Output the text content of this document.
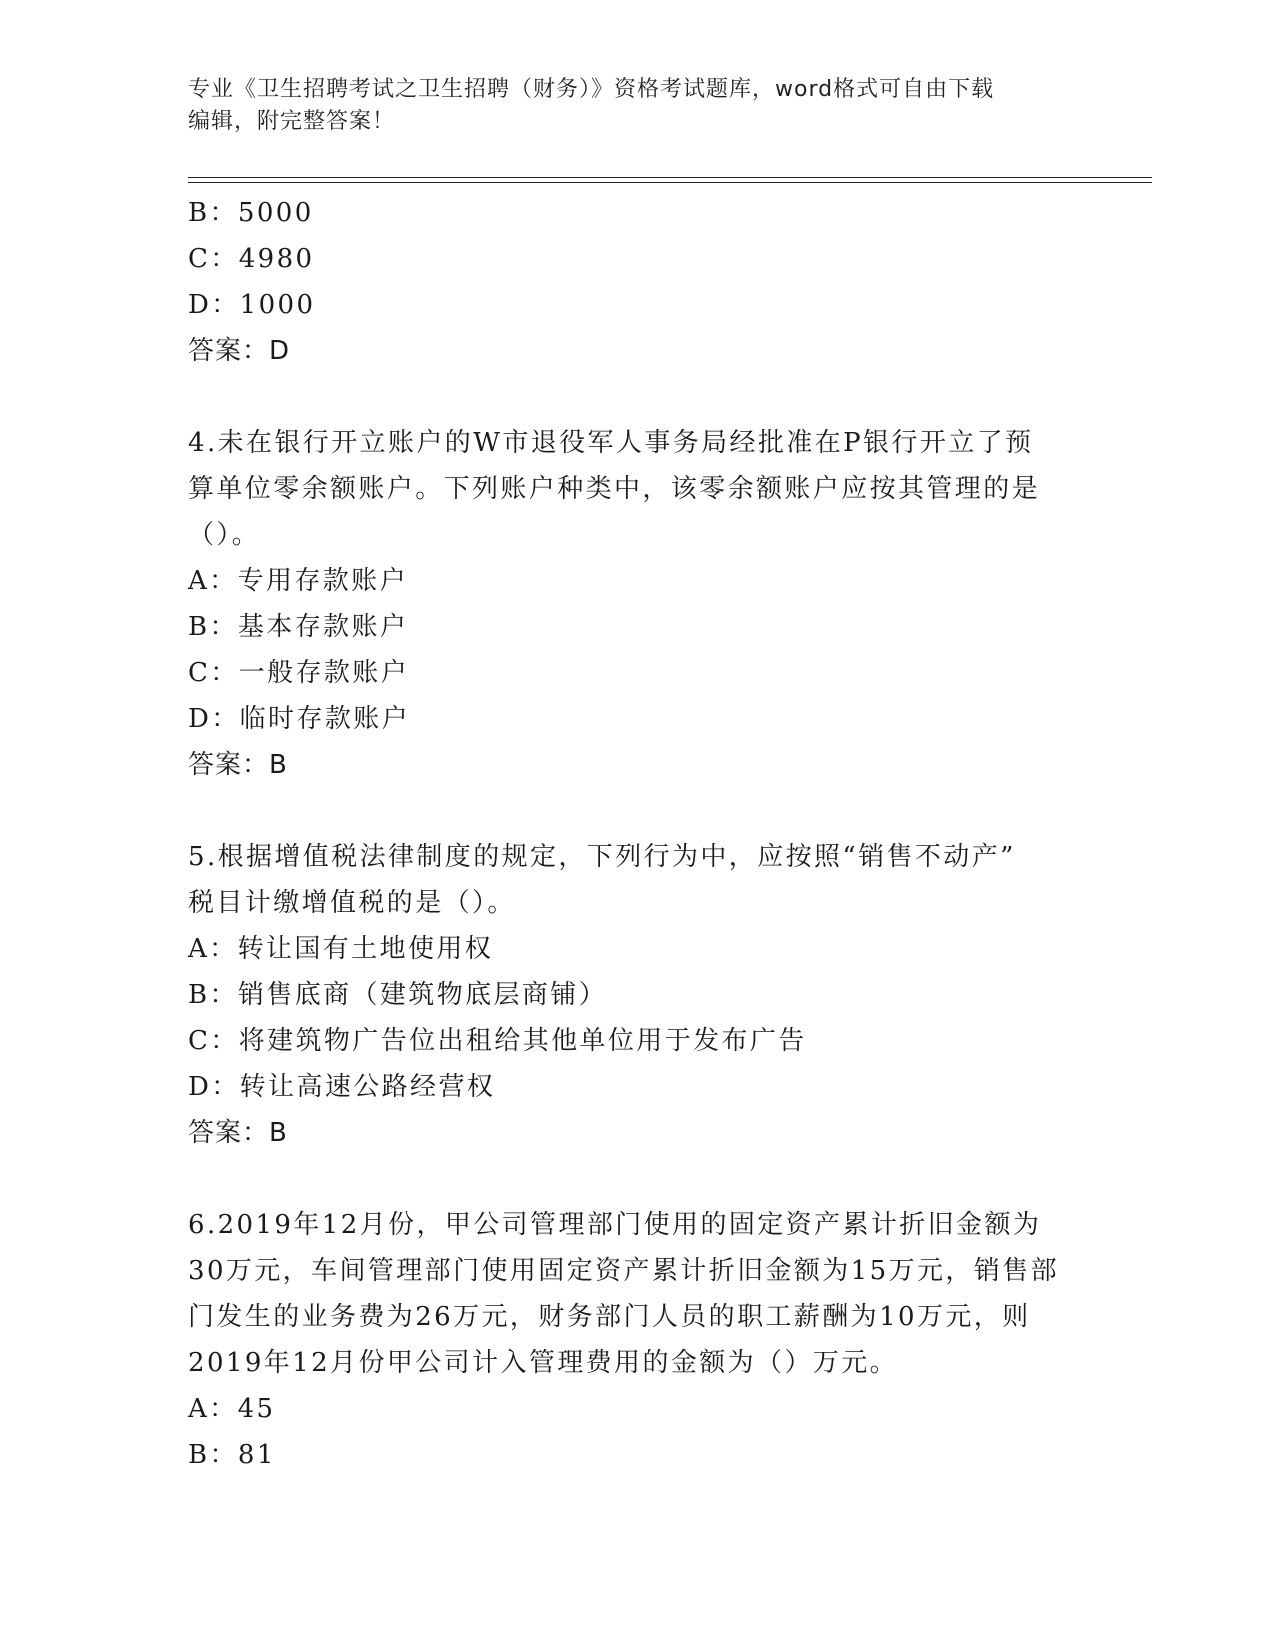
专业《卫生招聘考试之卫生招聘（财务）》资格考试题库，word格式可自由下载
编辑，附完整答案！
B：5000
C：4980
D：1000
答案：D
4.未在银行开立账户的W市退役军人事务局经批准在P银行开立了预
算单位零余额账户。下列账户种类中，该零余额账户应按其管理的是
（）。
A：专用存款账户
B：基本存款账户
C：一般存款账户
D：临时存款账户
答案：B
5.根据增值税法律制度的规定，下列行为中，应按照“销售不动产”
税目计缴增值税的是（）。
A：转让国有土地使用权
B：销售底商（建筑物底层商铺）
C：将建筑物广告位出租给其他单位用于发布广告
D：转让高速公路经营权
答案：B
6.2019年12月份，甲公司管理部门使用的固定资产累计折旧金额为
30万元，车间管理部门使用固定资产累计折旧金额为15万元，销售部
门发生的业务费为26万元，财务部门人员的职工薪酬为10万元，则
2019年12月份甲公司计入管理费用的金额为（）万元。
A：45
B：81
